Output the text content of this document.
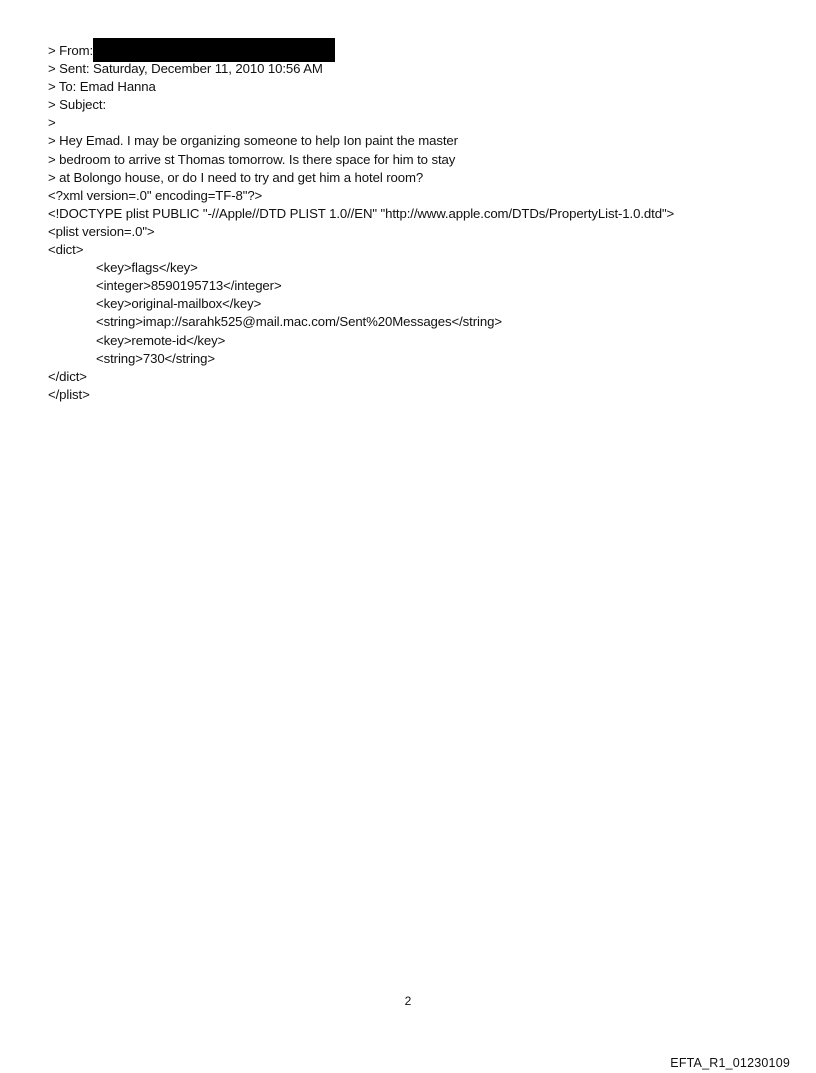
> From:
> Sent: Saturday, December 11, 2010 10:56 AM
> To: Emad Hanna
> Subject:
>
> Hey Emad. I may be organizing someone to help Ion paint the master
> bedroom to arrive st Thomas tomorrow. Is there space for him to stay
> at Bolongo house, or do I need to try and get him a hotel room?
<?xml version=.0" encoding=TF-8"?>
<!DOCTYPE plist PUBLIC "-//Apple//DTD PLIST 1.0//EN" "http://www.apple.com/DTDs/PropertyList-1.0.dtd">
<plist version=.0">
<dict>
<key>flags</key>
<integer>8590195713</integer>
<key>original-mailbox</key>
<string>imap://sarahk525@mail.mac.com/Sent%20Messages</string>
<key>remote-id</key>
<string>730</string>
</dict>
</plist>
2
EFTA_R1_01230109
